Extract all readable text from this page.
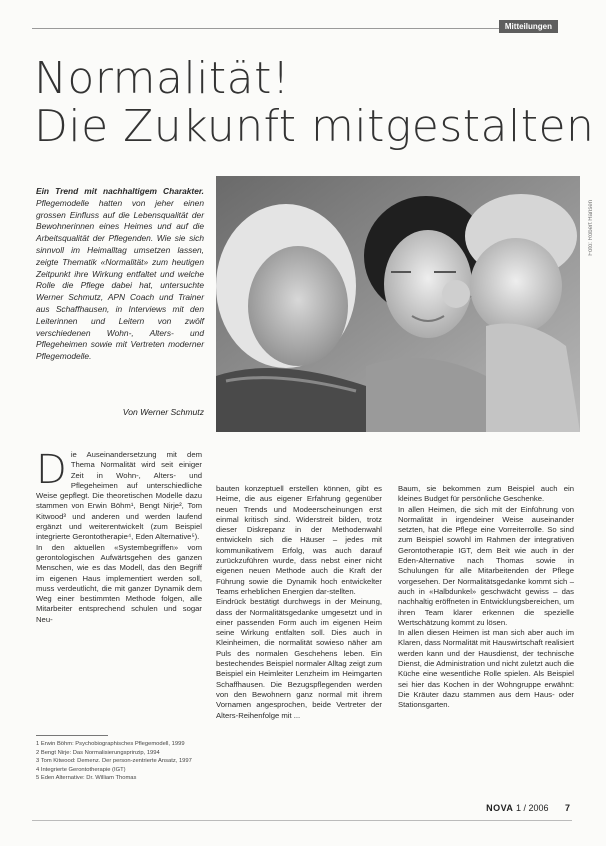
Mitteilungen
Normalität!
Die Zukunft mitgestalten
Ein Trend mit nachhaltigem Charakter. Pflegemodelle hatten von jeher einen grossen Einfluss auf die Lebensqualität der Bewohnerinnen eines Heimes und auf die Arbeitsqualität der Pflegenden. Wie sie sich sinnvoll im Heimalltag umsetzen lassen, zeigte Thematik «Normalität» zum heutigen Zeitpunkt ihre Wirkung entfaltet und welche Rolle die Pflege dabei hat, untersuchte Werner Schmutz, APN Coach und Trainer aus Schaffhausen, in Interviews mit den Leiterinnen und Leitern von zwölf verschiedenen Wohn-, Alters- und Pflegeheimen sowie mit Vertreten moderner Pflegemodelle.
Von Werner Schmutz
Foto: Robert Hansen
D ie Auseinandersetzung mit dem Thema Normalität wird seit einiger Zeit in Wohn-, Alters- und Pflegeheimen auf unterschiedliche Weise gepflegt. Die theoretischen Modelle dazu stammen von Erwin Böhm¹, Bengt Nirje², Tom Kitwood³ und anderen und werden laufend ergänzt und weiterentwickelt (zum Beispiel integrierte Gerontotherapie⁴, Eden Alternative⁵).

In den aktuellen «Systembegriffen» vom gerontologischen Aufwärtsgehen des ganzen Menschen, wie es das Modell, das den Begriff im eigenen Haus implementiert werden soll, muss verdeutlicht, die mit ganzer Dynamik dem Weg einer bestimmten Methode folgen, alle Mitarbeiter entsprechend schulen und sogar Neu-

bauten konzeptuell erstellen können, gibt es Heime, die aus eigener Erfahrung gegenüber neuen Trends und Modeerscheinungen erst einmal kritisch sind. Widerstreit bilden, trotz dieser Diskrepanz in der Methodenwahl entwickeln sich die Häuser – jedes mit kommunikativem Erfolg, was auch darauf zurückzuführen wurde, dass nebst einer nicht eigenen neuen Methode auch die Kraft der Führung sowie die Dynamik hoch entwickelter Teams erheblichen Energien dar-stellten.

Eindrück bestätigt durchwegs in der Meinung, dass der Normalitätsgedanke umgesetzt und in einer passenden Form auch im eigenen Heim seine Wirkung entfalten soll. Dies auch in Kleinheimen, die normalität sowieso näher am Puls des normalen Geschehens leben. Ein bestechendes Beispiel normaler Alltag zeigt zum Beispiel ein Heimleiter Lenzheim im Heimgarten Schaffhausen. Die Bezugspflegenden werden von den Bewohnern ganz normal mit ihrem Vornamen angesprochen, beide Vertreter der Alters-Reihenfolge mit ...

Baum, sie bekommen zum Beispiel auch ein kleines Budget für persönliche Geschenke.

In allen Heimen, die sich mit der Einführung von Normalität in irgendeiner Weise auseinander setzten, hat die Pflege eine Vorreiterrolle. So sind zum Beispiel sowohl im Rahmen der integrativen Gerontotherapie IGT, dem Beit wie auch in der Eden-Alternative nach Thomas sowie in Schulungen für alle Mitarbeitenden der Pflege vorgesehen. Der Normalitätsgedanke kommt sich – auch in «Halbdunkel» geschwächt gewiss – das nachhaltig eröffneten in Entwicklungsbereichen, um ihren Team klarer erkennen die spezielle Wertschätzung kommt zu lösen.

In allen diesen Heimen ist man sich aber auch im Klaren, dass Normalität mit Hauswirtschaft realisiert werden kann und der Hausdienst, der technische Dienst, die Administration und nicht zuletzt auch die Küche eine wesentliche Rolle spielen. Als Beispiel sei hier das Kochen in der Wohngruppe erwähnt: Die Kräuter dazu stammen aus dem Haus- oder Stationsgarten.

1 Erwin Böhm: Psychobiographisches Pflegemodell, 1999
2 Bengt Nirje: Das Normalisierungsprinzip, 1994
3 Tom Kitwood: Demenz. Der person-zentrierte Ansatz, 1997
4 Integrierte Gerontotherapie (IGT)
5 Eden Alternative: Dr. William Thomas
NOVA 1 / 2006 7
